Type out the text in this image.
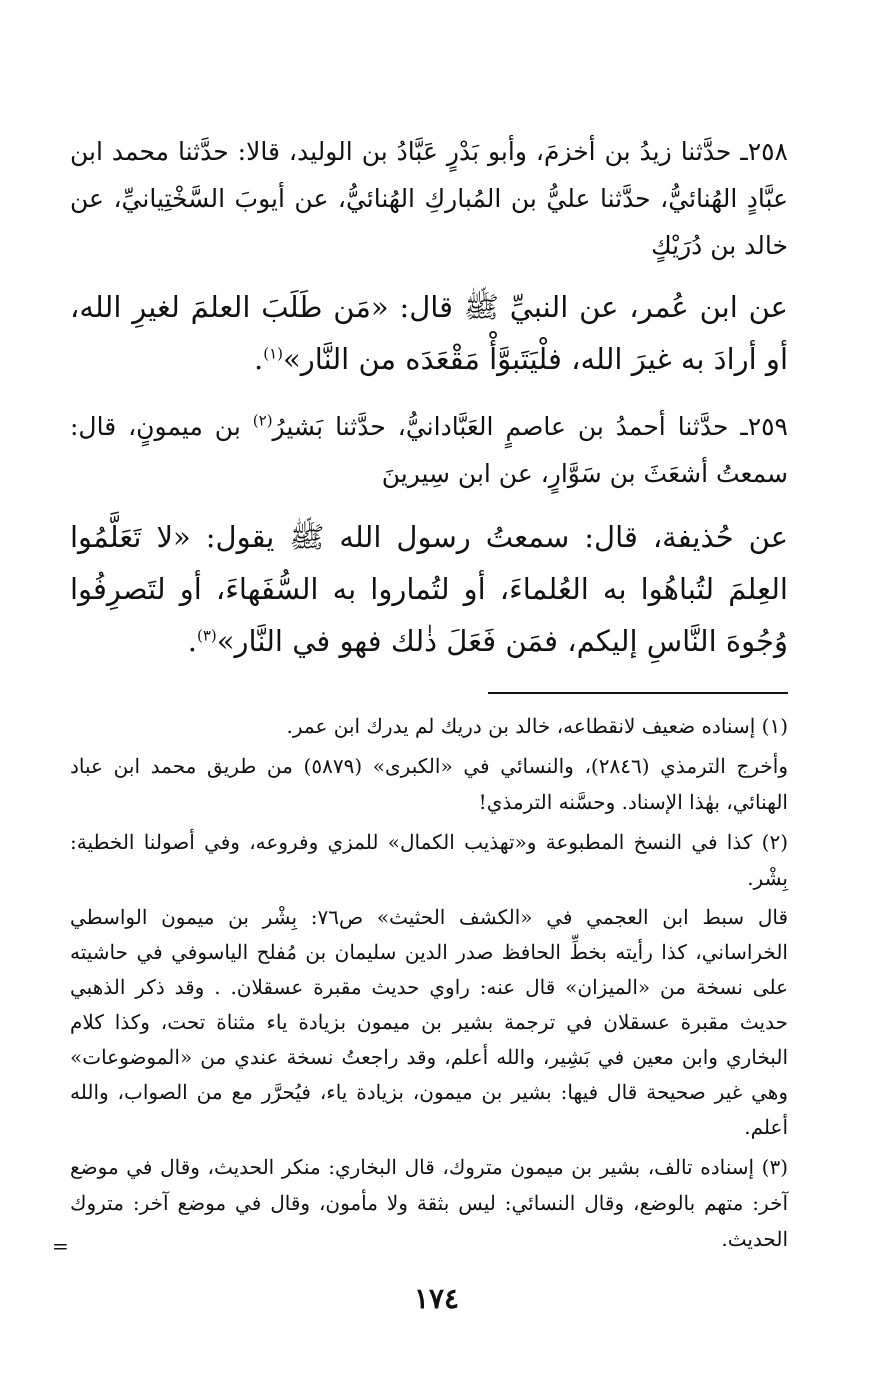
٢٥٨ـ حدَّثنا زيدُ بن أخزمَ، وأبو بَدْرٍ عَبَّادُ بن الوليد، قالا: حدَّثنا محمد ابن عبَّادٍ الهُنائيُّ، حدَّثنا عليُّ بن المُباركِ الهُنائيُّ، عن أيوبَ السَّخْتِيانيِّ، عن خالد بن دُرَيْكٍ

عن ابن عُمر، عن النبيِّ ﷺ قال: «مَن طَلَبَ العلمَ لغيرِ الله، أو أرادَ به غيرَ الله، فلْيَتَبوَّأْ مَقْعَدَه من النَّار»$^{(١)}$.

٢٥٩ـ حدَّثنا أحمدُ بن عاصمٍ العَبَّادانيُّ، حدَّثنا بَشيرُ$^{(٢)}$ بن ميمونٍ، قال: سمعتُ أشعَثَ بن سَوَّارٍ، عن ابن سِيرينَ

عن حُذيفة، قال: سمعتُ رسول الله ﷺ يقول: «لا تَعَلَّمُوا العِلمَ لتُباهُوا به العُلماءَ، أو لتُماروا به السُّفَهاءَ، أو لتَصرِفُوا وُجُوهَ النَّاسِ إليكم، فمَن فَعَلَ ذٰلك فهو في النَّار»$^{(٣)}$.

(١) إسناده ضعيف لانقطاعه، خالد بن دريك لم يدرك ابن عمر.

وأخرج الترمذي (٢٨٤٦)، والنسائي في «الكبرى» (٥٨٧٩) من طريق محمد ابن عباد الهنائي، بهٰذا الإسناد. وحسَّنه الترمذي!

(٢) كذا في النسخ المطبوعة و«تهذيب الكمال» للمزي وفروعه، وفي أصولنا الخطية: بِشْر.

قال سبط ابن العجمي في «الكشف الحثيث» ص٧٦: بِشْر بن ميمون الواسطي الخراساني، كذا رأيته بخطِّ الحافظ صدر الدين سليمان بن مُفلح الياسوفي في حاشيته على نسخة من «الميزان» قال عنه: راوي حديث مقبرة عسقلان. . وقد ذكر الذهبي حديث مقبرة عسقلان في ترجمة بشير بن ميمون بزيادة ياء مثناة تحت، وكذا كلام البخاري وابن معين في بَشِير، والله أعلم، وقد راجعتُ نسخة عندي من «الموضوعات» وهي غير صحيحة قال فيها: بشير بن ميمون، بزيادة ياء، فيُحرَّر مع من الصواب، والله أعلم.

(٣) إسناده تالف، بشير بن ميمون متروك، قال البخاري: منكر الحديث، وقال في موضع آخر: متهم بالوضع، وقال النسائي: ليس بثقة ولا مأمون، وقال في موضع آخر: متروك الحديث.

=
١٧٤
